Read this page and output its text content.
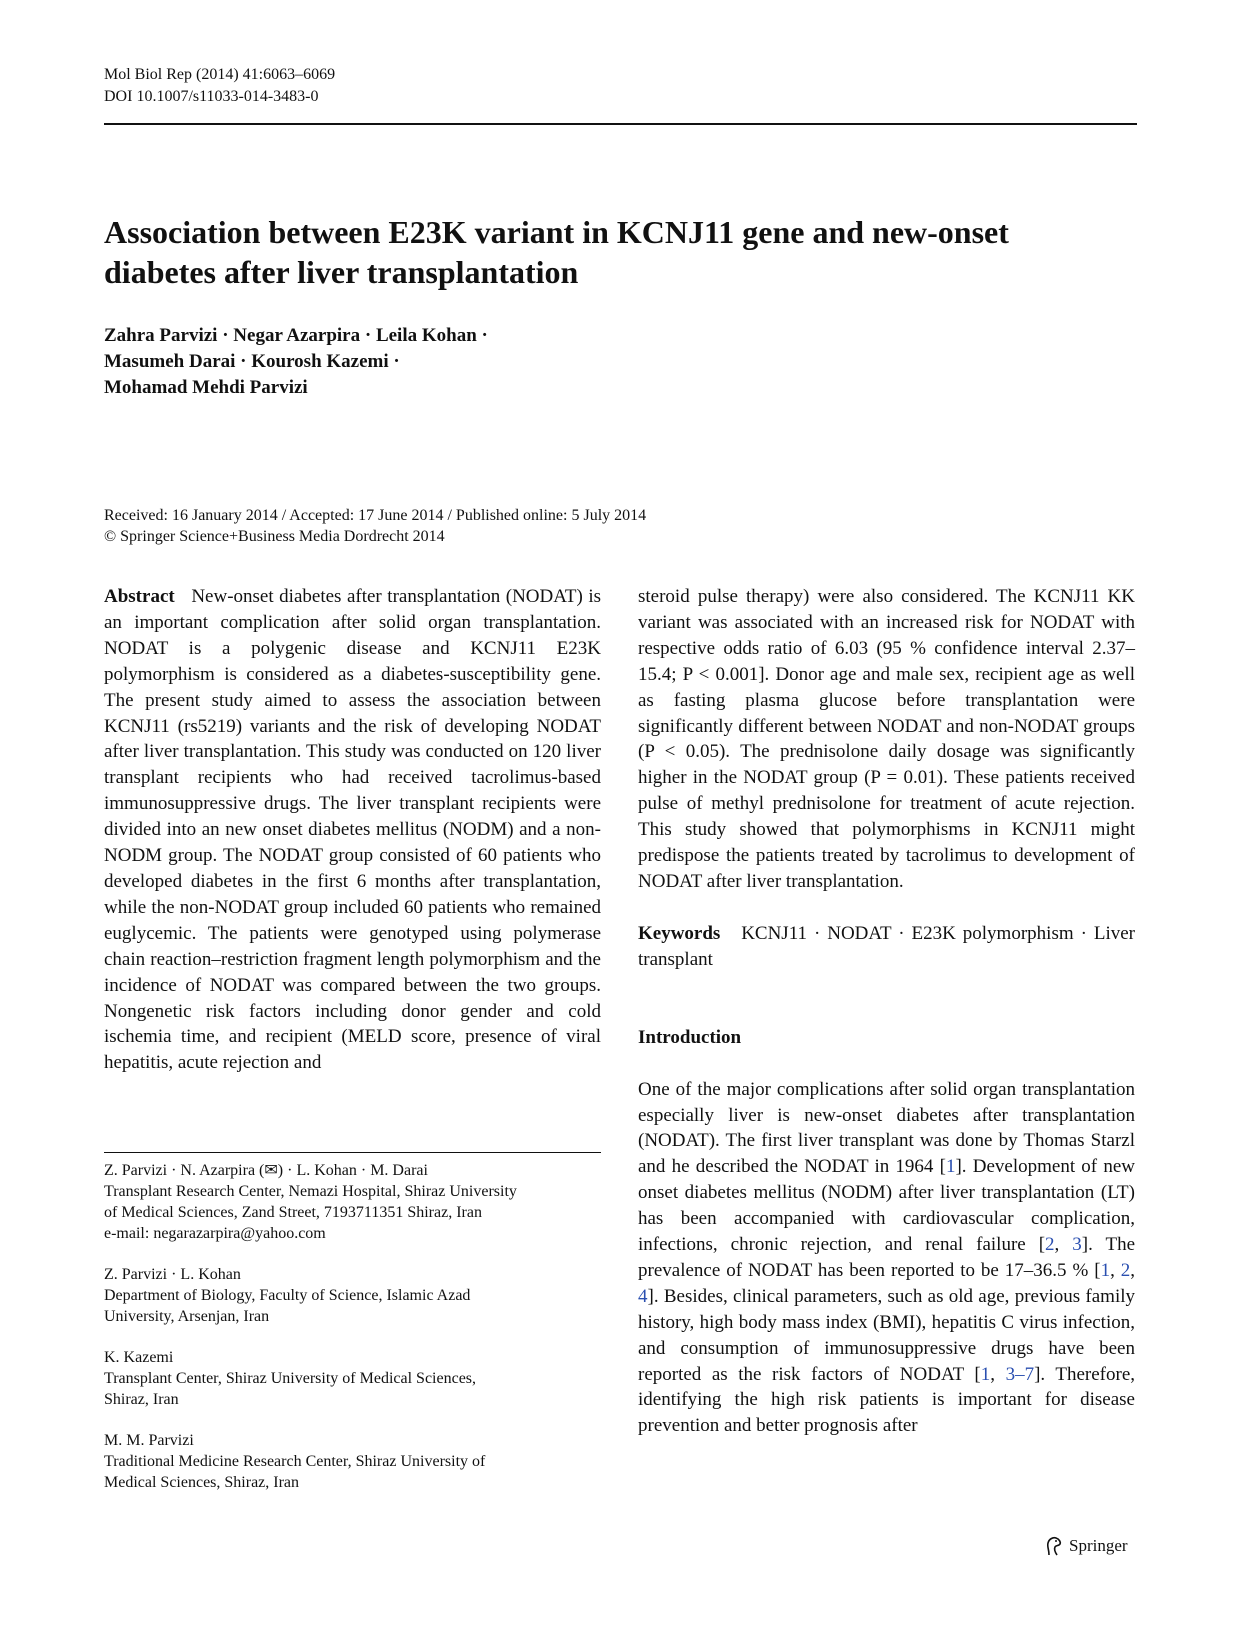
Mol Biol Rep (2014) 41:6063–6069
DOI 10.1007/s11033-014-3483-0
Association between E23K variant in KCNJ11 gene and new-onset
diabetes after liver transplantation
Zahra Parvizi · Negar Azarpira · Leila Kohan ·
Masumeh Darai · Kourosh Kazemi ·
Mohamad Mehdi Parvizi
Received: 16 January 2014 / Accepted: 17 June 2014 / Published online: 5 July 2014
© Springer Science+Business Media Dordrecht 2014

Abstract New-onset diabetes after transplantation (NODAT) is an important complication after solid organ transplantation. NODAT is a polygenic disease and KCNJ11 E23K polymorphism is considered as a diabetes-susceptibility gene. The present study aimed to assess the association between KCNJ11 (rs5219) variants and the risk of developing NODAT after liver transplantation. This study was conducted on 120 liver transplant recipients who had received tacrolimus-based immunosuppressive drugs. The liver transplant recipients were divided into an new onset diabetes mellitus (NODM) and a non-NODM group. The NODAT group consisted of 60 patients who developed diabetes in the first 6 months after transplantation, while the non-NODAT group included 60 patients who remained euglycemic. The patients were genotyped using polymerase chain reaction–restriction fragment length polymorphism and the incidence of NODAT was compared between the two groups. Nongenetic risk factors including donor gender and cold ischemia time, and recipient (MELD score, presence of viral hepatitis, acute rejection and

Z. Parvizi · N. Azarpira (✉) · L. Kohan · M. Darai
Transplant Research Center, Nemazi Hospital, Shiraz University
of Medical Sciences, Zand Street, 7193711351 Shiraz, Iran
e-mail: negarazarpira@yahoo.com
Z. Parvizi · L. Kohan
Department of Biology, Faculty of Science, Islamic Azad
University, Arsenjan, Iran
K. Kazemi
Transplant Center, Shiraz University of Medical Sciences,
Shiraz, Iran
M. M. Parvizi
Traditional Medicine Research Center, Shiraz University of
Medical Sciences, Shiraz, Iran

steroid pulse therapy) were also considered. The KCNJ11 KK variant was associated with an increased risk for NODAT with respective odds ratio of 6.03 (95 % confidence interval 2.37–15.4; P < 0.001]. Donor age and male sex, recipient age as well as fasting plasma glucose before transplantation were significantly different between NODAT and non-NODAT groups (P < 0.05). The prednisolone daily dosage was significantly higher in the NODAT group (P = 0.01). These patients received pulse of methyl prednisolone for treatment of acute rejection. This study showed that polymorphisms in KCNJ11 might predispose the patients treated by tacrolimus to development of NODAT after liver transplantation.

Keywords KCNJ11 · NODAT · E23K polymorphism · Liver transplant

Introduction

One of the major complications after solid organ transplantation especially liver is new-onset diabetes after transplantation (NODAT). The first liver transplant was done by Thomas Starzl and he described the NODAT in 1964 [1]. Development of new onset diabetes mellitus (NODM) after liver transplantation (LT) has been accompanied with cardiovascular complication, infections, chronic rejection, and renal failure [2, 3]. The prevalence of NODAT has been reported to be 17–36.5 % [1, 2, 4]. Besides, clinical parameters, such as old age, previous family history, high body mass index (BMI), hepatitis C virus infection, and consumption of immunosuppressive drugs have been reported as the risk factors of NODAT [1, 3–7]. Therefore, identifying the high risk patients is important for disease prevention and better prognosis after

Springer
